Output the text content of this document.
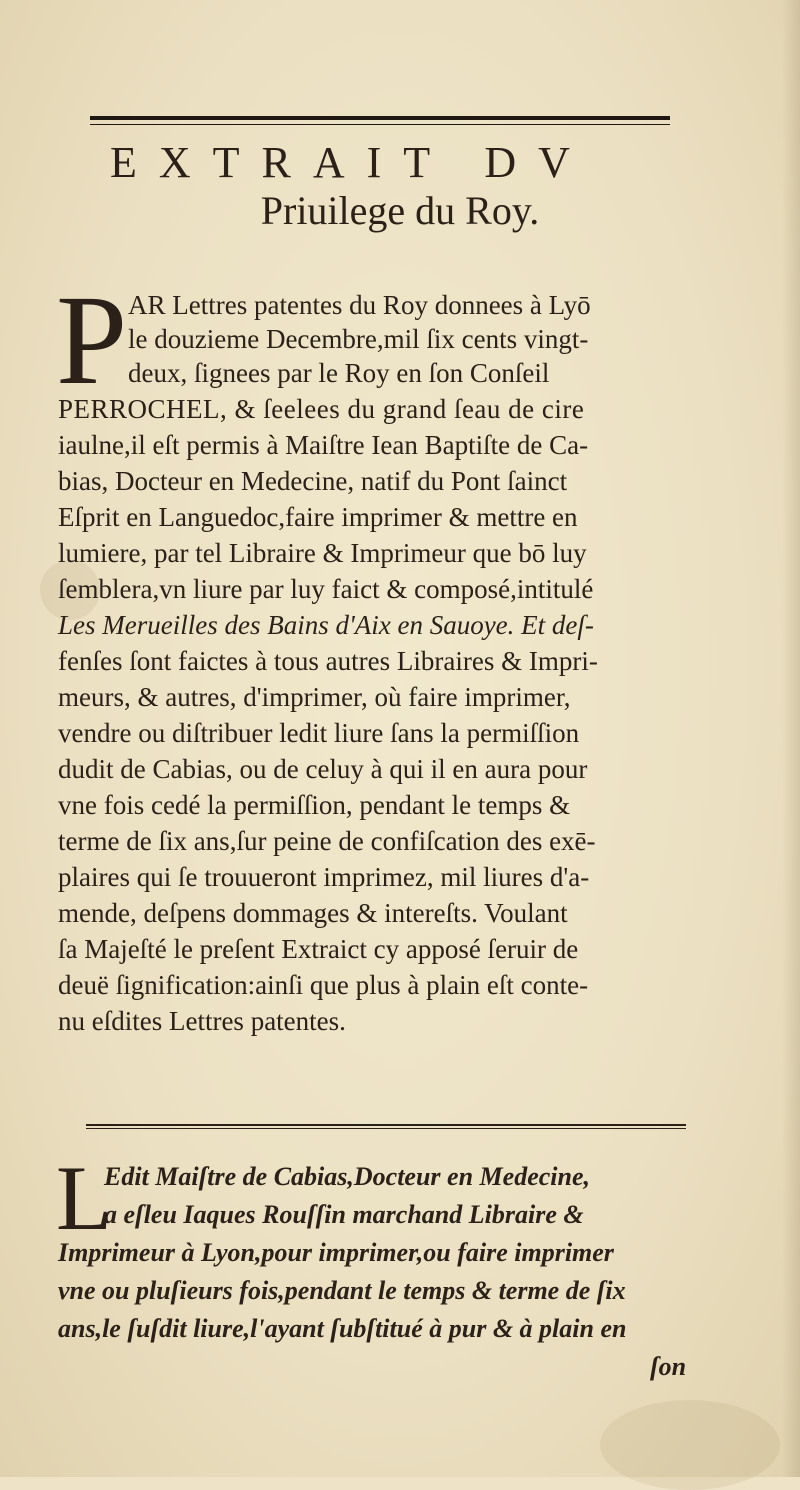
EXTRAIT DV
Priuilege du Roy.
P AR Lettres patentes du Roy donnees à Lyō
le douzieme Decembre,mil ſix cents vingt-
deux, ſignees par le Roy en ſon Conſeil
PERROCHEL, & ſeelees du grand ſeau de cire
iaulne,il eſt permis à Maiſtre Iean Baptiſte de Ca-
bias, Docteur en Medecine, natif du Pont ſainct
Eſprit en Languedoc,faire imprimer & mettre en
lumiere, par tel Libraire & Imprimeur que bō luy
ſemblera,vn liure par luy faict & composé,intitulé
Les Merueilles des Bains d'Aix en Sauoye. Et deſ-
fenſes ſont faictes à tous autres Libraires & Impri-
meurs, & autres, d'imprimer, où faire imprimer,
vendre ou diſtribuer ledit liure ſans la permiſſion
dudit de Cabias, ou de celuy à qui il en aura pour
vne fois cedé la permiſſion, pendant le temps &
terme de ſix ans,ſur peine de confiſcation des exē-
plaires qui ſe trouueront imprimez, mil liures d'a-
mende, deſpens dommages & intereſts. Voulant
ſa Majeſté le preſent Extraict cy apposé ſeruir de
deuë ſignification:ainſi que plus à plain eſt conte-
nu eſdites Lettres patentes.
L
Edit Maiſtre de Cabias,Docteur en Medecine,
a eſleu Iaques Rouſſin marchand Libraire &
Imprimeur à Lyon,pour imprimer,ou faire imprimer
vne ou pluſieurs fois,pendant le temps & terme de ſix
ans,le ſuſdit liure,l'ayant ſubſtitué à pur & à plain en
ſon
